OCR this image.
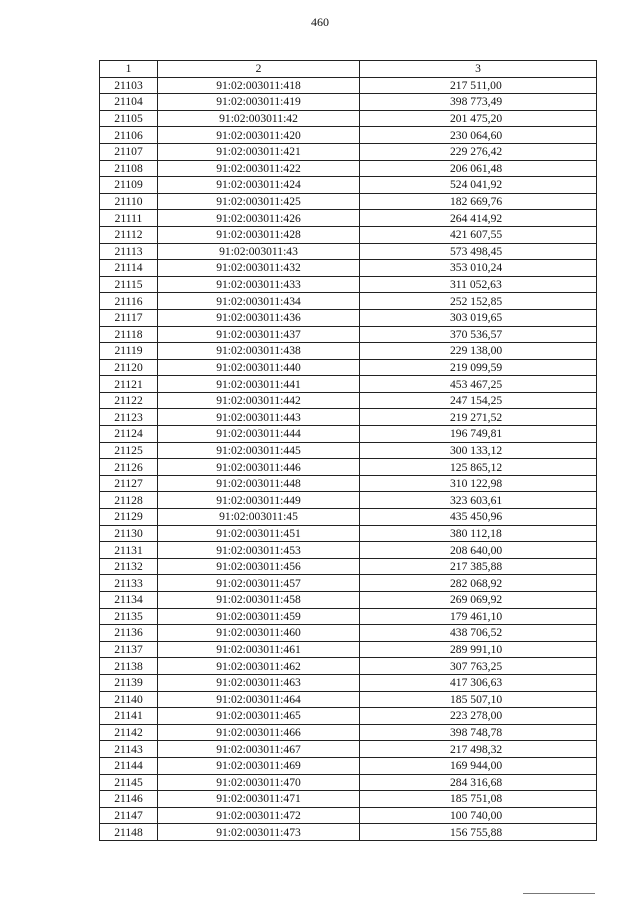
460
1	2	3
21103	91:02:003011:418	217 511,00
21104	91:02:003011:419	398 773,49
21105	91:02:003011:42	201 475,20
21106	91:02:003011:420	230 064,60
21107	91:02:003011:421	229 276,42
21108	91:02:003011:422	206 061,48
21109	91:02:003011:424	524 041,92
21110	91:02:003011:425	182 669,76
21111	91:02:003011:426	264 414,92
21112	91:02:003011:428	421 607,55
21113	91:02:003011:43	573 498,45
21114	91:02:003011:432	353 010,24
21115	91:02:003011:433	311 052,63
21116	91:02:003011:434	252 152,85
21117	91:02:003011:436	303 019,65
21118	91:02:003011:437	370 536,57
21119	91:02:003011:438	229 138,00
21120	91:02:003011:440	219 099,59
21121	91:02:003011:441	453 467,25
21122	91:02:003011:442	247 154,25
21123	91:02:003011:443	219 271,52
21124	91:02:003011:444	196 749,81
21125	91:02:003011:445	300 133,12
21126	91:02:003011:446	125 865,12
21127	91:02:003011:448	310 122,98
21128	91:02:003011:449	323 603,61
21129	91:02:003011:45	435 450,96
21130	91:02:003011:451	380 112,18
21131	91:02:003011:453	208 640,00
21132	91:02:003011:456	217 385,88
21133	91:02:003011:457	282 068,92
21134	91:02:003011:458	269 069,92
21135	91:02:003011:459	179 461,10
21136	91:02:003011:460	438 706,52
21137	91:02:003011:461	289 991,10
21138	91:02:003011:462	307 763,25
21139	91:02:003011:463	417 306,63
21140	91:02:003011:464	185 507,10
21141	91:02:003011:465	223 278,00
21142	91:02:003011:466	398 748,78
21143	91:02:003011:467	217 498,32
21144	91:02:003011:469	169 944,00
21145	91:02:003011:470	284 316,68
21146	91:02:003011:471	185 751,08
21147	91:02:003011:472	100 740,00
21148	91:02:003011:473	156 755,88
